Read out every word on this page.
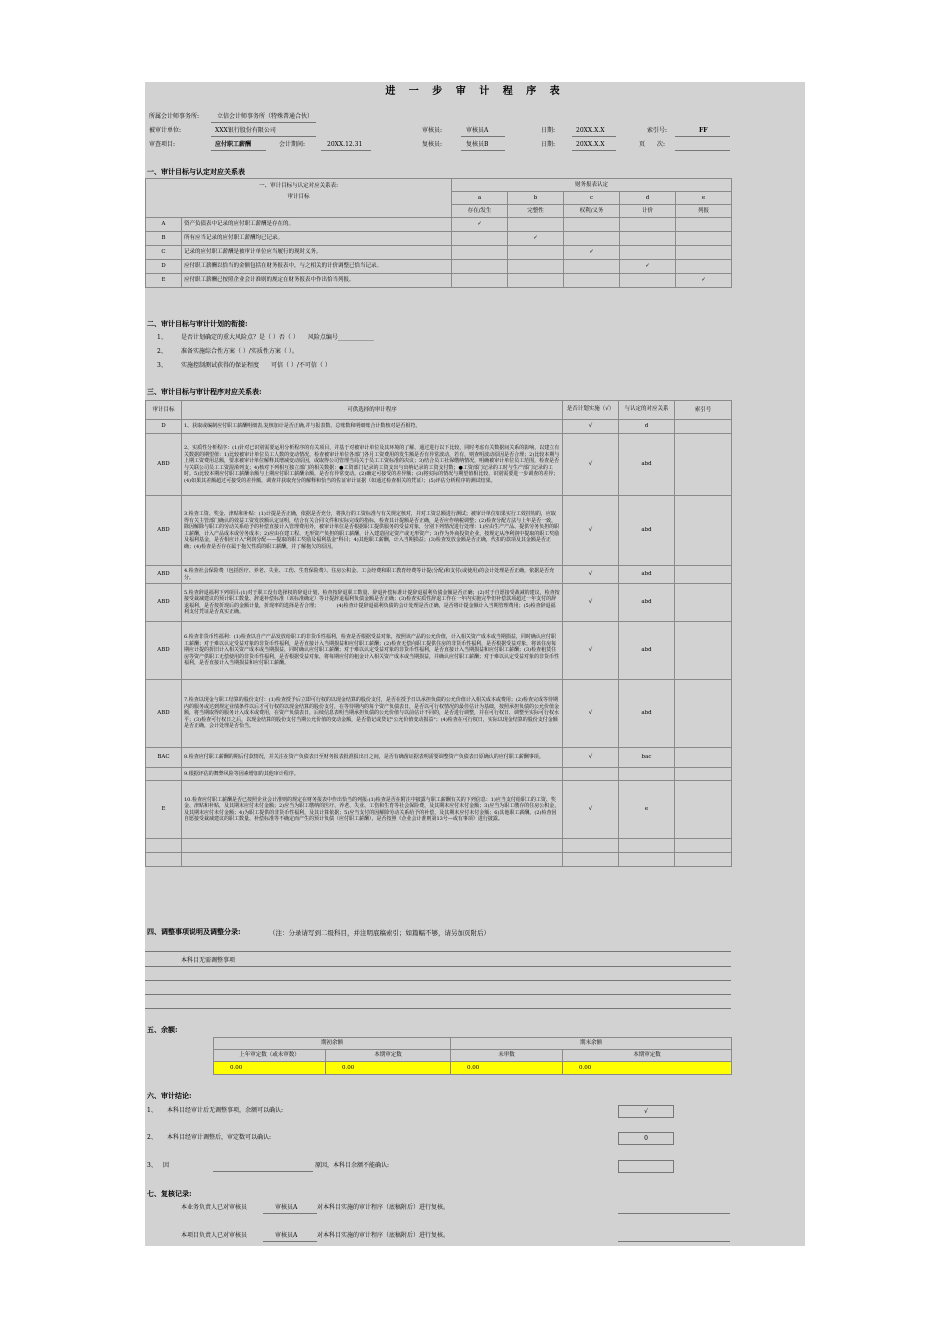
进 一 步 审 计 程 序 表
所属会计师事务所:	立信会计师事务所（特殊普通合伙）
被审计单位:	XXX银行股份有限公司	审核员:	审核员A	日期:	20XX.X.X	索引号:	FF
审查项目:	应付职工薪酬	会计期间:	20XX.12.31	复核员:	复核员B	日期:	20XX.X.X	页　　次:
一、审计目标与认定对应关系表
一、审计目标与认定对应关系表:
审计目标		财务报表认定				
		a	b	c	d	e
		存在/发生	完整性	权利/义务	计价	列报
A	资产负债表中记录的应付职工薪酬是存在的。	✓				
B	所有应当记录的应付职工薪酬均已记录。		✓			
C	记录的应付职工薪酬是被审计单位应当履行的现时义务。			✓		
D	应付职工薪酬以恰当的金额包括在财务报表中，与之相关的计价调整已恰当记录。				✓	
E	应付职工薪酬已按照企业会计准则的规定在财务报表中作出恰当列报。					✓
二、审计目标与审计计划的衔接:
1、 是否计划确定的重大风险点？是（ ）否（ ）　　风险点编号____________
2、 准备实施综合性方案（ ）/实质性方案（ ）。
3、 实施控制测试获得的保证程度　　可信（ ）/不可信（ ）
三、审计目标与审计程序对应关系表:
审计目标	可供选择的审计程序	是否计划实施（√）	与认定的对应关系	索引号
D	1、获取或编制应付职工薪酬明细表,复核加计是否正确,并与报表数、总账数和明细账合计数核对是否相符。	√	d	
ABD	2、实质性分析程序：(1)针对已识别需要运用分析程序的有关项目，并基于对被审计单位及其环境的了解，通过进行以下比较，同时考虑有关数据间关系的影响，以建立有关数据的期望值：1)比较被审计单位员工人数的变动情况，检查被审计单位各部门各月工资费用的发生额是否有异常波动，若有，则查明波动原因是否合理；2)比较本期与上期工资费用总额，要求被审计单位解释其增减变动原因，或取得公司管理当局关于员工工资标准的决议；3)结合员工社保缴纳情况，明确被审计单位员工范围，检查是否与关联公司员工工资混淆列支；4)核对下列相互独立部门的相关数据：●工资部门记录的工资支出与出纳记录的工资支付数；●工资部门记录的工时与生产部门记录的工时。5)比较本期应付职工薪酬余额与上期应付职工薪酬余额，是否有异常变动。(2)确定可接受的差异额；(3)将实际的情况与期望值相比较，识别需要进一步调查的差异；(4)如果其差额超过可接受的差异额，调查并获取充分的解释和恰当的佐证审计证据（如通过检查相关的凭证）；(5)评估分析程序的测试结果。	√	abd	
ABD	3.检查工资、奖金、津贴和补贴：(1)计提是否正确，依据是否充分，将执行的工资标准与有关规定核对，并对工资总额进行测试；被审计单位如果实行工效挂钩的，应取得有关主管部门确认的效益工资发放额认定证明，结合有关合同文件和实际完成的指标，检查其计提额是否正确，是否应作纳税调整；(2)检查分配方法与上年是否一致，除因解除与职工的劳动关系给予的补偿直接计入管理费用外，被审计单位是否根据职工提供服务的受益对象，分别下列情况进行处理：1)应由生产产品、提供劳务负担的职工薪酬，计入产品成本或劳务成本；2)应由在建工程、无形资产负担的职工薪酬，计入建造固定资产或无形资产；3)作为外商投资企业，按规定从净利润中提取的职工奖励及福利基金，是否相应计入"利润分配——提取的职工奖励及福利基金"科目；4)其他职工薪酬，计入当期损益；(3)检查发放金额是否正确，代扣的款项及其金额是否正确；(4)检查是否存在属于拖欠性质的职工薪酬，并了解拖欠的原因。	√	abd	
ABD	4.检查社会保险费（包括医疗、养老、失业、工伤、生育保险费）、住房公积金、工会经费和职工教育经费等计提(分配)和支付(或使用)的会计处理是否正确，依据是否充分。	√	abd	
ABD	5.检查辞退福利下列项目:(1)对于职工没有选择权的辞退计划，检查按辞退职工数量、辞退补偿标准计提辞退福利负债金额是否正确；(2)对于自愿接受裁减的建议，检查按接受裁减建议的预计职工数量、辞退补偿标准（该标准确定）等计提辞退福利负债金额是否正确；(3)检查实质性辞退工作在一年内实施完毕但补偿款项超过一年支付的辞退福利，是否按折现后的金额计量，折现率的选择是否合理；　　　　(4)检查计提辞退福利负债的会计处理是否正确，是否将计提金额计入当期管理费用；(5)检查辞退福利支付凭证是否真实正确。	√	abd	
ABD	6.检查非货币性福利：(1)检查以自产产品发放给职工的非货币性福利，检查是否根据受益对象，按照该产品的公允价值，计入相关资产成本或当期损益，同时确认应付职工薪酬；对于难以认定受益对象的非货币性福利，是否直接计入当期损益和应付职工薪酬；(2)检查无偿向职工提供住房的非货币性福利，是否根据受益对象，将该住房每期应计提的折旧计入相关资产成本或当期损益，同时确认应付职工薪酬；对于难以认定受益对象的非货币性福利，是否直接计入当期损益和应付职工薪酬；(3)检查租赁住房等资产供职工无偿使用的非货币性福利，是否根据受益对象，将每期应付的租金计入相关资产成本或当期损益，并确认应付职工薪酬；对于难以认定受益对象的非货币性福利，是否直接计入当期损益和应付职工薪酬。	√	abd	
ABD	7.检查以现金与职工结算的股份支付：(1)检查授予后立即可行权的以现金结算的股份支付，是否在授予日以承担负债的公允价值计入相关成本或费用；(2)检查完成等待期内的服务或达到规定业绩条件以后才可行权的以现金结算的股份支付，在等待期内的每个资产负债表日，是否以可行权情况的最佳估计为基础，按照承担负债的公允价值金额，将当期取得的服务计入成本或费用，在资产负债表日，后续信息表明当期承担负债的公允价值与以前估计不同的，是否进行调整，并在可行权日，调整至实际可行权水平；(3)检查可行权日之后，以现金结算的股份支付当期公允价值的变动金额，是否借记或贷记"公允价值变动损益"；(4)检查在可行权日，实际以现金结算的股份支付金额是否正确，会计处理是否恰当。	√	abd	
BAC	8.检查应付职工薪酬的期后付款情况，并关注在资产负债表日至财务报表批准报出日之间，是否有确凿证据表明需要调整资产负债表日原确认的应付职工薪酬事项。	√	bac	
	9.根据评估的舞弊风险等因素增加的其他审计程序。			
E	10.检查应付职工薪酬是否已按照企业会计准则的规定在财务报表中作出恰当的列报:(1)检查是否在附注中披露与职工薪酬有关的下列信息：1)应当支付给职工的工资、奖金、津贴和补贴，及其期末应付未付金额；2)应当为职工缴纳的医疗、养老、失业、工伤和生育等社会保险费，及其期末应付未付金额；3)应当为职工缴存的住房公积金，及其期末应付未付金额；4)为职工提供的非货币性福利，及其计算依据；5)应当支付的因解除劳动关系给予的补偿，及其期末应付未付金额；6)其他职工薪酬。(2)检查因自愿接受裁减建议的职工数量、补偿标准等不确定而产生的预计负债（应付职工薪酬），是否按照《企业会计准则第13号—或有事项》进行披露。	√	e	

四、调整事项说明及调整分录:	（注：分录请写到二级科目，并注明底稿索引；如篇幅不够，请另加页附后）
本科目无需调整事项
五、余额:
期初余额		期末余额	
上年审定数（或未审数）	本期审定数	未审数	本期审定数
0.00	0.00	0.00	0.00
六、审计结论:
1、 本科目经审计后无调整事项，余额可以确认:	√
2、 本科目经审计调整后，审定数可以确认:	0
3、 因	原因，本科目余额不能确认:
七、复核记录:
本业务负责人已对审核员	审核员A	对本科目实施的审计程序（底稿附后）进行复核。
本项目负责人已对审核员	审核员A	对本科目实施的审计程序（底稿附后）进行复核。
